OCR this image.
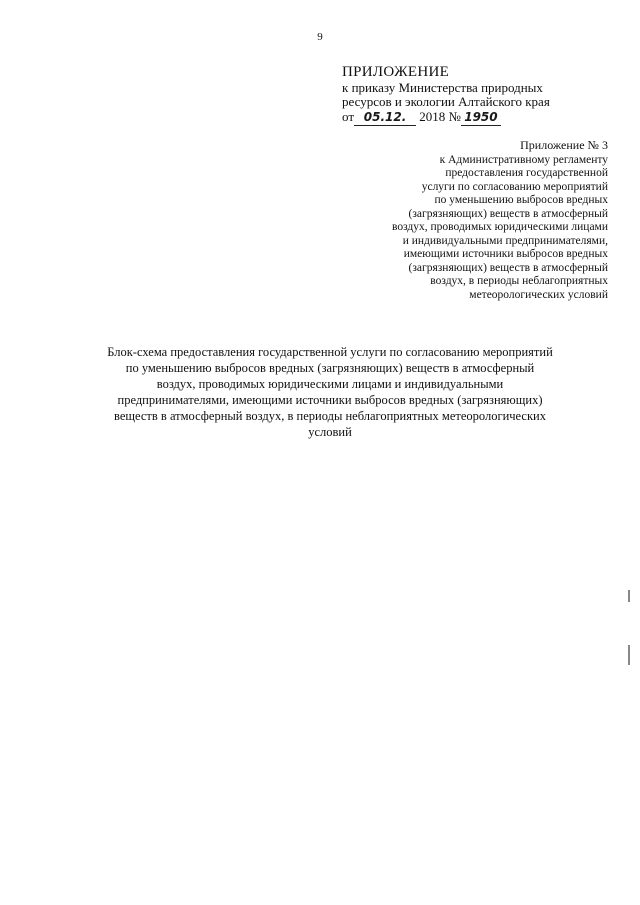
9
ПРИЛОЖЕНИЕ
к приказу Министерства природных
ресурсов и экологии Алтайского края
от 05.12. 2018 № 1950
Приложение № 3
к Административному регламенту
предоставления государственной
услуги по согласованию мероприятий
по уменьшению выбросов вредных
(загрязняющих) веществ в атмосферный
воздух, проводимых юридическими лицами
и индивидуальными предпринимателями,
имеющими источники выбросов вредных
(загрязняющих) веществ в атмосферный
воздух, в периоды неблагоприятных
метеорологических условий
Блок-схема предоставления государственной услуги по согласованию мероприятий
по уменьшению выбросов вредных (загрязняющих) веществ в атмосферный
воздух, проводимых юридическими лицами и индивидуальными
предпринимателями, имеющими источники выбросов вредных (загрязняющих)
веществ в атмосферный воздух, в периоды неблагоприятных метеорологических
условий
